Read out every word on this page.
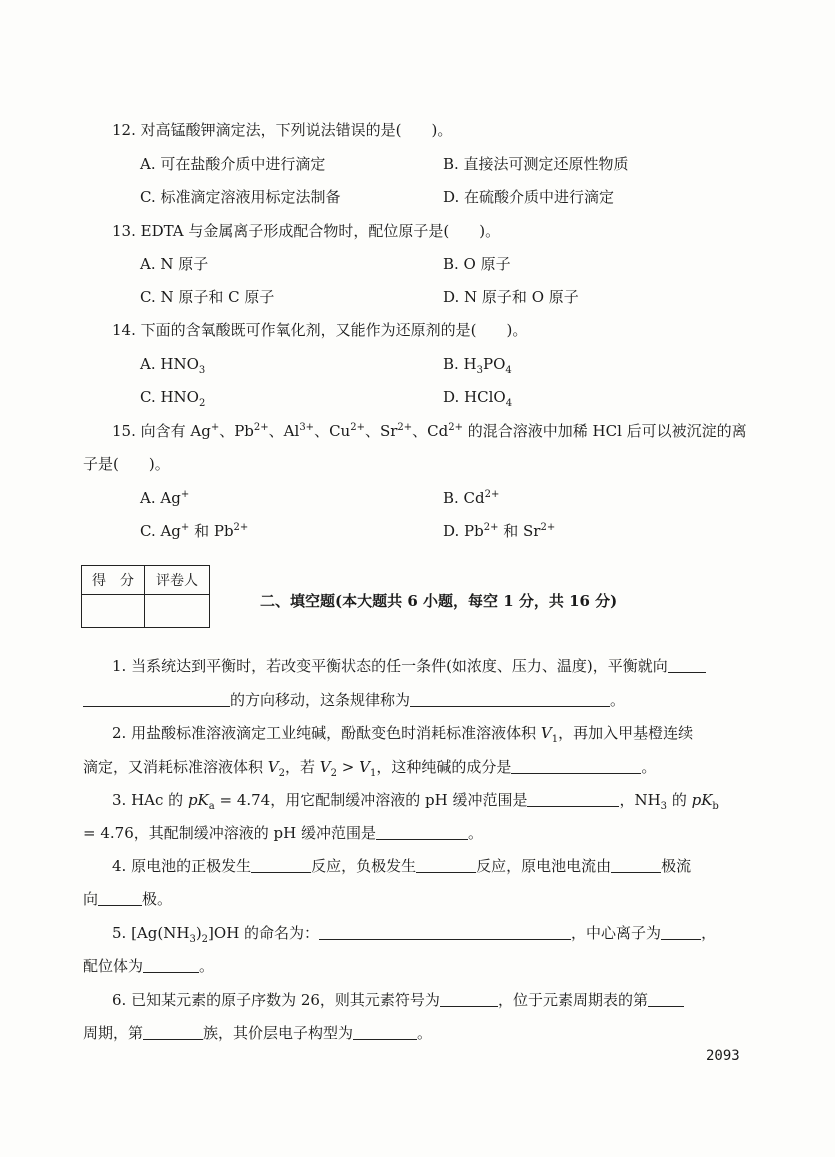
12. 对高锰酸钾滴定法，下列说法错误的是(　　)。
A. 可在盐酸介质中进行滴定	B. 直接法可测定还原性物质
C. 标准滴定溶液用标定法制备	D. 在硫酸介质中进行滴定
13. EDTA 与金属离子形成配合物时，配位原子是(　　)。
A. N 原子	B. O 原子
C. N 原子和 C 原子	D. N 原子和 O 原子
14. 下面的含氧酸既可作氧化剂，又能作为还原剂的是(　　)。
A. $HNO_3$	B. $H_3PO_4$
C. $HNO_2$	D. HClO$_4$
15. 向含有 Ag+、$Pb^{2+}$、$Al^{3+}$、$Cu^{2+}$、$Sr^{2+}$、$Cd^{2+}$ 的混合溶液中加稀 HCl 后可以被沉淀的离
子是(　　)。
A. Ag+	B. $Cd^{2+}$
C. Ag+ 和 $Pb^{2+}$	D. $Pb^{2+}$ 和 $Sr^{2+}$
得　分	评卷人

二、填空题(本大题共 6 小题，每空 1 分，共 16 分)
1. 当系统达到平衡时，若改变平衡状态的任一条件(如浓度、压力、温度)，平衡就向
的方向移动，这条规律称为	。
2. 用盐酸标准溶液滴定工业纯碱，酚酞变色时消耗标准溶液体积 $V_1$，再加入甲基橙连续
滴定，又消耗标准溶液体积 $V_2$，若 $V_2 > V_1$，这种纯碱的成分是	。
3. HAc 的 $pK_a = 4.74$，用它配制缓冲溶液的 pH 缓冲范围是	，$NH_3$ 的 $pK_b$
= 4.76，其配制缓冲溶液的 pH 缓冲范围是	。
4. 原电池的正极发生	反应，负极发生	反应，原电池电流由	极流
向	极。
5. $[Ag(NH_3)_2]OH$ 的命名为：	，中心离子为	，
配位体为	。
6. 已知某元素的原子序数为 26，则其元素符号为	，位于元素周期表的第
周期，第	族，其价层电子构型为	。
2093
